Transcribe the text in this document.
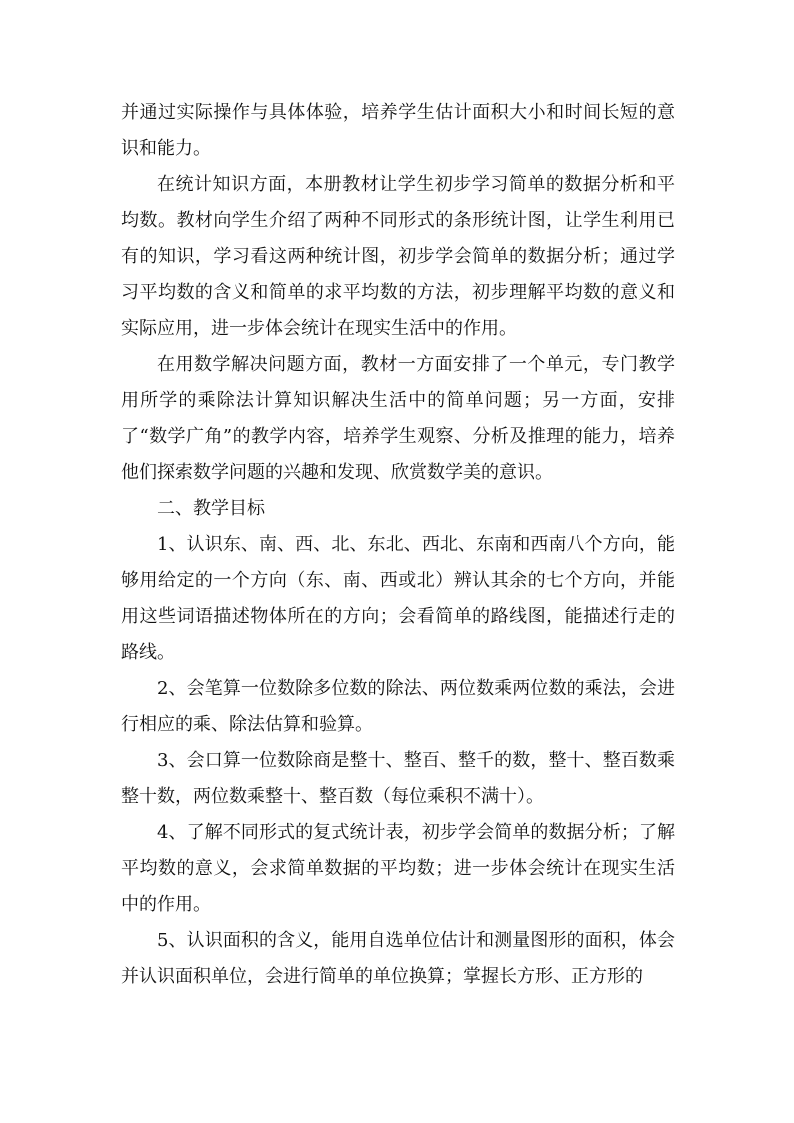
并通过实际操作与具体体验，培养学生估计面积大小和时间长短的意识和能力。

在统计知识方面，本册教材让学生初步学习简单的数据分析和平均数。教材向学生介绍了两种不同形式的条形统计图，让学生利用已有的知识，学习看这两种统计图，初步学会简单的数据分析；通过学习平均数的含义和简单的求平均数的方法，初步理解平均数的意义和实际应用，进一步体会统计在现实生活中的作用。

在用数学解决问题方面，教材一方面安排了一个单元，专门教学用所学的乘除法计算知识解决生活中的简单问题；另一方面，安排了“数学广角”的教学内容，培养学生观察、分析及推理的能力，培养他们探索数学问题的兴趣和发现、欣赏数学美的意识。

二、教学目标

1、认识东、南、西、北、东北、西北、东南和西南八个方向，能够用给定的一个方向（东、南、西或北）辨认其余的七个方向，并能用这些词语描述物体所在的方向；会看简单的路线图，能描述行走的路线。

2、会笔算一位数除多位数的除法、两位数乘两位数的乘法，会进行相应的乘、除法估算和验算。

3、会口算一位数除商是整十、整百、整千的数，整十、整百数乘整十数，两位数乘整十、整百数（每位乘积不满十）。

4、了解不同形式的复式统计表，初步学会简单的数据分析；了解平均数的意义，会求简单数据的平均数；进一步体会统计在现实生活中的作用。

5、认识面积的含义，能用自选单位估计和测量图形的面积，体会并认识面积单位，会进行简单的单位换算；掌握长方形、正方形的
